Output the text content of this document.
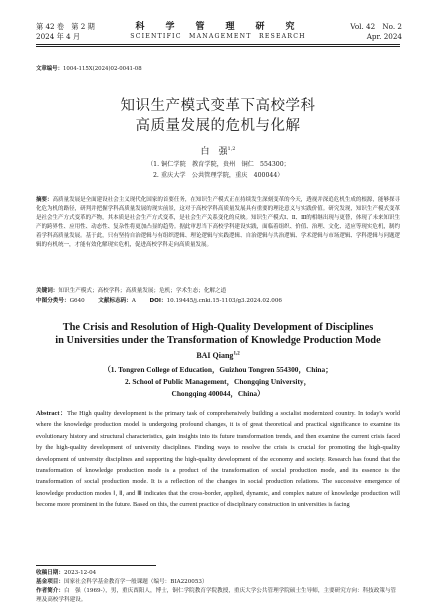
第 42 卷　第 2 期
2024 年 4 月
科　学　管　理　研　究
SCIENTIFIC　MANAGEMENT　RESEARCH
Vol. 42　No. 2
Apr. 2024
文章编号：1004-115X(2024)02-0041-08
知识生产模式变革下高校学科
高质量发展的危机与化解
白　强$^{1,2}$
（1. 铜仁学院　教育学院，贵州　铜仁　554300；
2. 重庆大学　公共管理学院，重庆　400044）
摘要：高质量发展是全面建设社会主义现代化国家的首要任务，在知识生产模式正在持续发生深刻变革的今天，透视并深追危机生成的根源，能够探寻化危为机的路径，研判并把握学科高质量发展的现实前景，这对于高校学科高质量发展具有重要的理论意义与实践价值。研究发现，知识生产模式变革是社会生产方式变革的产物，其本质是社会生产方式变革，是社会生产关系变化的反映。知识生产模式Ⅰ、Ⅱ、Ⅲ的相继出现与更替，体现了未来知识生产的跨界性、应用性、动态性、复杂性将更加凸显的趋势。据此审思当下高校学科建设实践，面临着组织、价值、治理、文化、适应等现实危机，制约着学科高质量发展。基于此，只有坚持自治逻辑与有组织逻辑、理论逻辑与实践逻辑、自治逻辑与共治逻辑、学术逻辑与市场逻辑、学科逻辑与问题逻辑的有机统一，才能有效化解现实危机，促进高校学科走向高质量发展。
关键词：知识生产模式；高校学科；高质量发展；危机；学术生态；化解之道
中图分类号：G640 文献标志码：A DOI：10.19445/j.cnki.15-1103/g3.2024.02.006
The Crisis and Resolution of High-Quality Development of Disciplines
in Universities under the Transformation of Knowledge Production Mode
BAI Qiang$^{1,2}$
（1. Tongren College of Education，Guizhou Tongren 554300，China；
2. School of Public Management，Chongqing University，
Chongqing 400044，China）

Abstract：The High quality development is the primary task of comprehensively building a socialist modernized country. In today's world where the knowledge production model is undergoing profound changes, it is of great theoretical and practical significance to examine its evolutionary history and structural characteristics, gain insights into its future transformation trends, and then examine the current crisis faced by the high-quality development of university disciplines. Finding ways to resolve the crisis is crucial for promoting the high-quality development of university disciplines and supporting the high-quality development of the economy and society. Research has found that the transformation of knowledge production mode is a product of the transformation of social production mode, and its essence is the transformation of social production mode. It is a reflection of the changes in social production relations. The successive emergence of knowledge production modes Ⅰ, Ⅱ, and Ⅲ indicates that the cross-border, applied, dynamic, and complex nature of knowledge production will become more prominent in the future. Based on this, the current practice of disciplinary construction in universities is facing

收稿日期：2023-12-04
基金项目：国家社会科学基金教育学一般课题（编号：BIA220053）
作者简介：白　强（1969-），男，重庆酉阳人，博士，铜仁学院教育学院教授，重庆大学公共管理学院硕士生导师，主要研究方向：科技政策与管理及高校学科建设。
